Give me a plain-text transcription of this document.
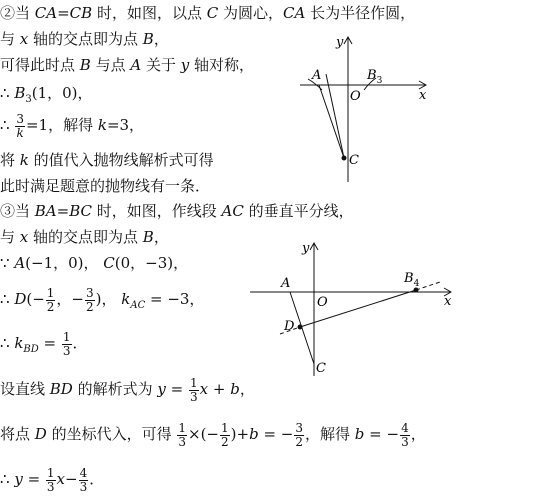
②当 CA=CB 时，如图，以点 C 为圆心，CA 长为半径作圆，
与 x 轴的交点即为点 B，
可得此时点 B 与点 A 关于 y 轴对称，
∴ $B_3(1$，0)，
∴ $\frac{3}{k} =1$，解得 k=3，
将 k 的值代入抛物线解析式可得
此时满足题意的抛物线有一条．
③当 BA=BC 时，如图，作线段 AC 的垂直平分线，
与 x 轴的交点即为点 B，
∵ A(−1，0)， C(0，−3)，
∴ $D(- \frac{1}{2}$ ，− $\frac{3}{2}$ )， $k_{AC} = -3$，
∴ $k_{BD} = \frac{1}{3}$ ．
设直线 BD 的解析式为 $y = \frac{1}{3}$ x + b，
将点 D 的坐标代入，可得 $\frac{1}{3}$ ×(− $\frac{1}{2} )+b$ = − $\frac{3}{2}$ ，解得 b = − $\frac{4}{3}$ ，
∴ $y = \frac{1}{3} x- \frac{4}{3}$ ．
y
x
A
O
$B_3$
C
y
x
A
O
$B_4$
D
C
